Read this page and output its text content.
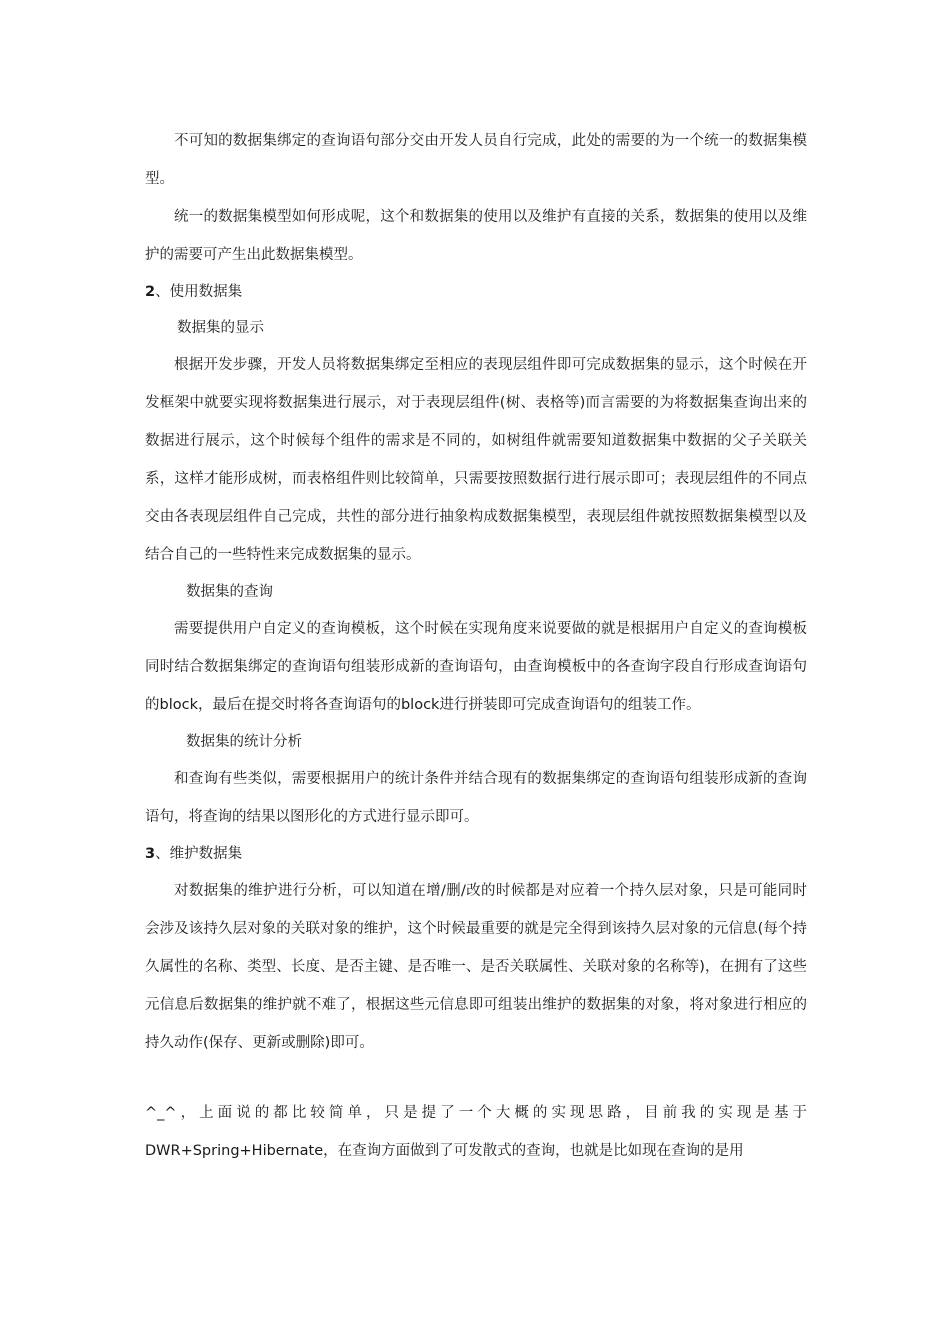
不可知的数据集绑定的查询语句部分交由开发人员自行完成，此处的需要的为一个统一的数据集模型。

统一的数据集模型如何形成呢，这个和数据集的使用以及维护有直接的关系，数据集的使用以及维护的需要可产生出此数据集模型。

2、使用数据集

数据集的显示

根据开发步骤，开发人员将数据集绑定至相应的表现层组件即可完成数据集的显示，这个时候在开发框架中就要实现将数据集进行展示，对于表现层组件(树、表格等)而言需要的为将数据集查询出来的数据进行展示，这个时候每个组件的需求是不同的，如树组件就需要知道数据集中数据的父子关联关系，这样才能形成树，而表格组件则比较简单，只需要按照数据行进行展示即可；表现层组件的不同点交由各表现层组件自己完成，共性的部分进行抽象构成数据集模型，表现层组件就按照数据集模型以及结合自己的一些特性来完成数据集的显示。

数据集的查询

需要提供用户自定义的查询模板，这个时候在实现角度来说要做的就是根据用户自定义的查询模板同时结合数据集绑定的查询语句组装形成新的查询语句，由查询模板中的各查询字段自行形成查询语句的block，最后在提交时将各查询语句的block进行拼装即可完成查询语句的组装工作。

数据集的统计分析

和查询有些类似，需要根据用户的统计条件并结合现有的数据集绑定的查询语句组装形成新的查询语句，将查询的结果以图形化的方式进行显示即可。

3、维护数据集

对数据集的维护进行分析，可以知道在增/删/改的时候都是对应着一个持久层对象，只是可能同时会涉及该持久层对象的关联对象的维护，这个时候最重要的就是完全得到该持久层对象的元信息(每个持久属性的名称、类型、长度、是否主键、是否唯一、是否关联属性、关联对象的名称等)，在拥有了这些元信息后数据集的维护就不难了，根据这些元信息即可组装出维护的数据集的对象，将对象进行相应的持久动作(保存、更新或删除)即可。

^_^，上面说的都比较简单，只是提了一个大概的实现思路，目前我的实现是基于DWR+Spring+Hibernate，在查询方面做到了可发散式的查询，也就是比如现在查询的是用
